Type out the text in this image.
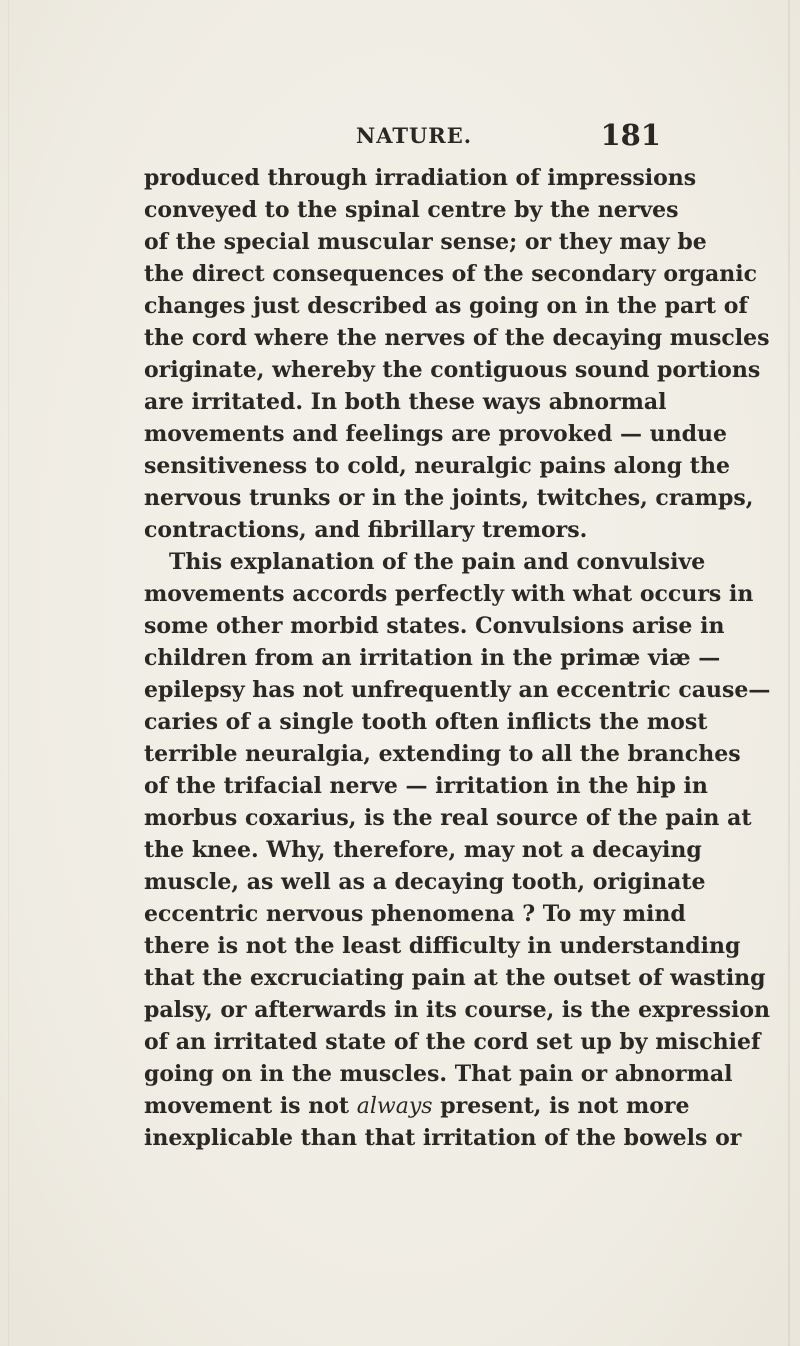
NATURE.	181
produced through irradiation of impressions
conveyed to the spinal centre by the nerves
of the special muscular sense; or they may be
the direct consequences of the secondary organic
changes just described as going on in the part of
the cord where the nerves of the decaying muscles
originate, whereby the contiguous sound portions
are irritated. In both these ways abnormal
movements and feelings are provoked — undue
sensitiveness to cold, neuralgic pains along the
nervous trunks or in the joints, twitches, cramps,
contractions, and fibrillary tremors.
This explanation of the pain and convulsive
movements accords perfectly with what occurs in
some other morbid states. Convulsions arise in
children from an irritation in the primæ viæ —
epilepsy has not unfrequently an eccentric cause—
caries of a single tooth often inflicts the most
terrible neuralgia, extending to all the branches
of the trifacial nerve — irritation in the hip in
morbus coxarius, is the real source of the pain at
the knee. Why, therefore, may not a decaying
muscle, as well as a decaying tooth, originate
eccentric nervous phenomena ? To my mind
there is not the least difficulty in understanding
that the excruciating pain at the outset of wasting
palsy, or afterwards in its course, is the expression
of an irritated state of the cord set up by mischief
going on in the muscles. That pain or abnormal
movement is not always present, is not more
inexplicable than that irritation of the bowels or
